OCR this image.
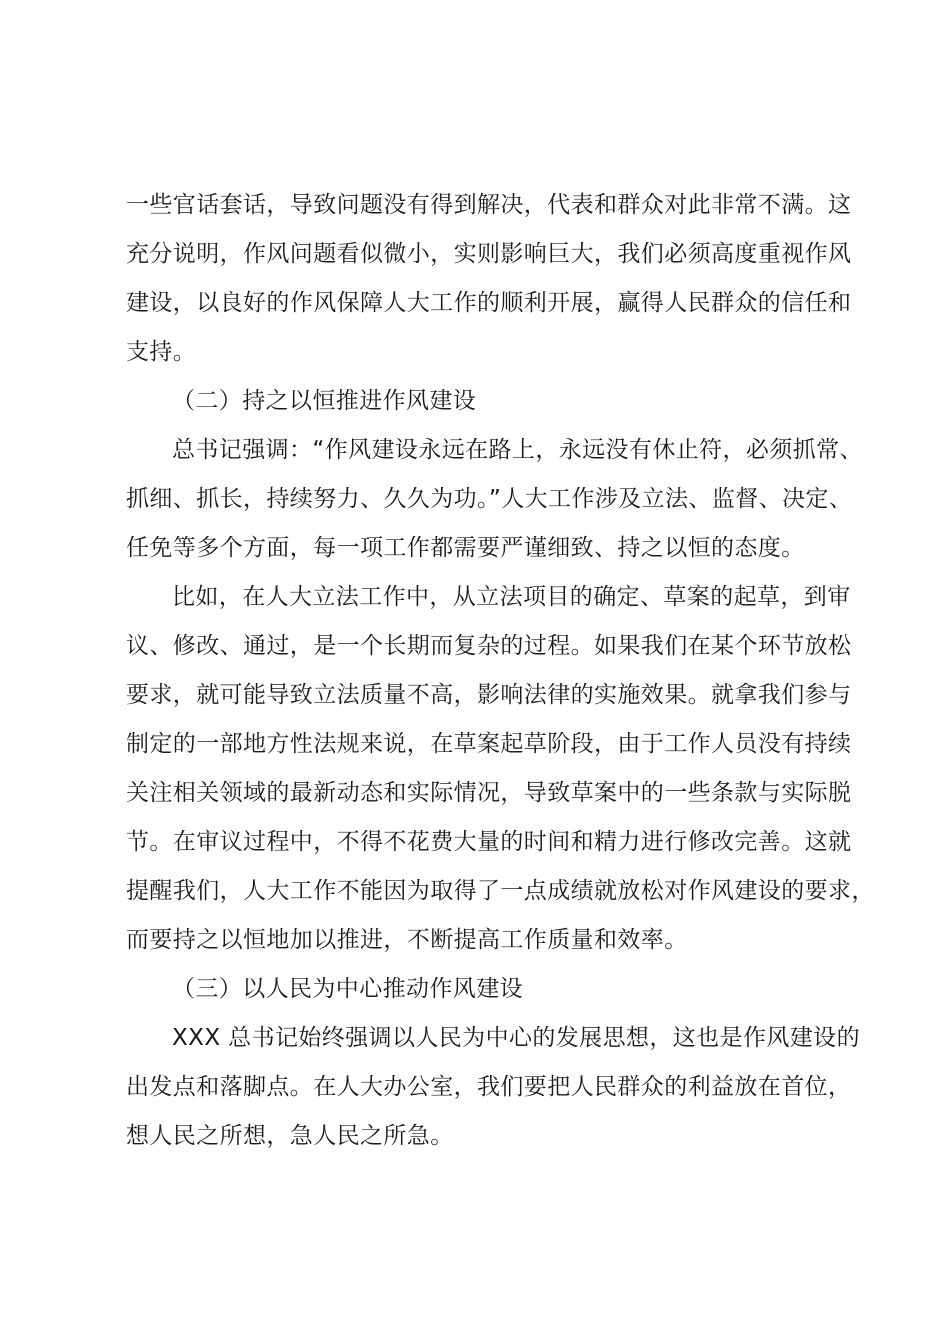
一些官话套话，导致问题没有得到解决，代表和群众对此非常不满。这
充分说明，作风问题看似微小，实则影响巨大，我们必须高度重视作风
建设，以良好的作风保障人大工作的顺利开展，赢得人民群众的信任和
支持。
（二）持之以恒推进作风建设
总书记强调：“作风建设永远在路上，永远没有休止符，必须抓常、
抓细、抓长，持续努力、久久为功。”人大工作涉及立法、监督、决定、
任免等多个方面，每一项工作都需要严谨细致、持之以恒的态度。
比如，在人大立法工作中，从立法项目的确定、草案的起草，到审
议、修改、通过，是一个长期而复杂的过程。如果我们在某个环节放松
要求，就可能导致立法质量不高，影响法律的实施效果。就拿我们参与
制定的一部地方性法规来说，在草案起草阶段，由于工作人员没有持续
关注相关领域的最新动态和实际情况，导致草案中的一些条款与实际脱
节。在审议过程中，不得不花费大量的时间和精力进行修改完善。这就
提醒我们，人大工作不能因为取得了一点成绩就放松对作风建设的要求，
而要持之以恒地加以推进，不断提高工作质量和效率。
（三）以人民为中心推动作风建设
XXX 总书记始终强调以人民为中心的发展思想，这也是作风建设的
出发点和落脚点。在人大办公室，我们要把人民群众的利益放在首位，
想人民之所想，急人民之所急。
